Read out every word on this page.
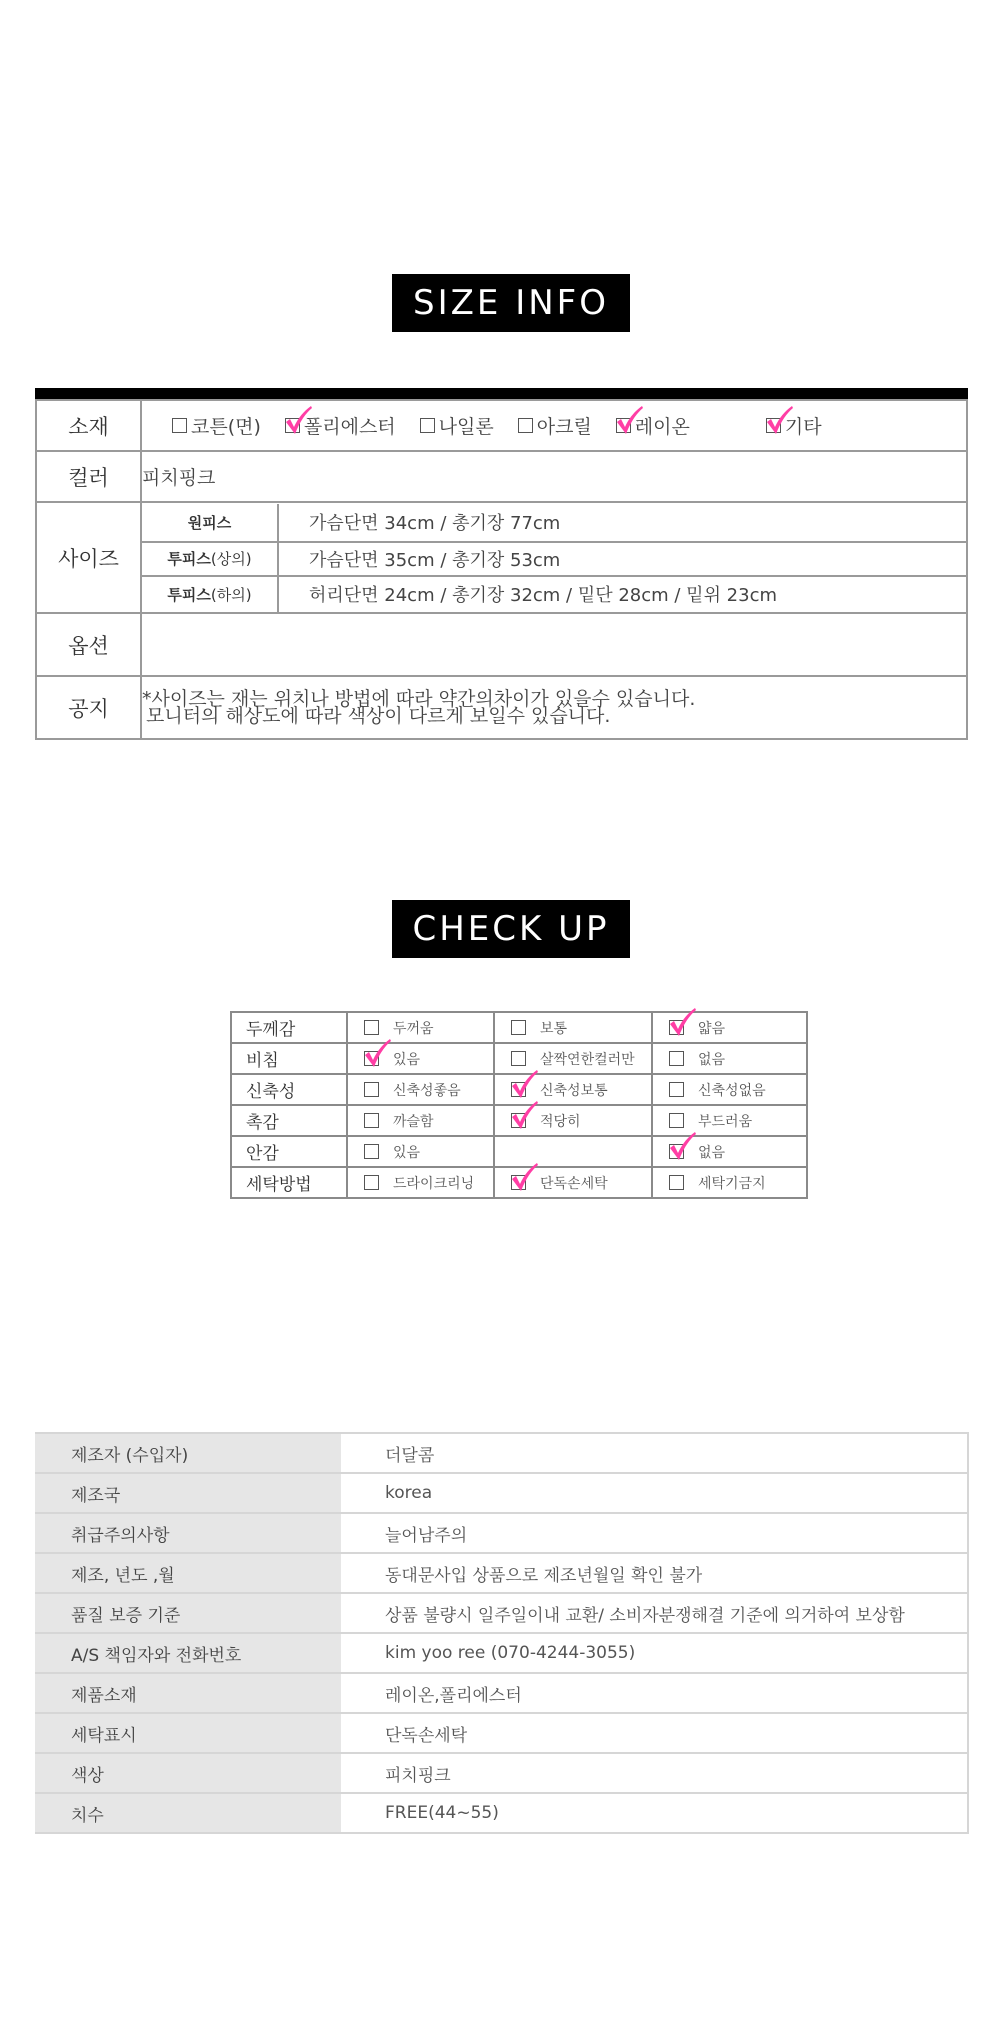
SIZE INFO
소재	코튼(면) 폴리에스터 나일론 아크릴 레이온	기타

컬러	피치핑크
사이즈	
원피스	가슴단면 34cm / 총기장 77cm
투피스(상의)	가슴단면 35cm / 총기장 53cm
투피스(하의)	허리단면 24cm / 총기장 32cm / 밑단 28cm / 밑위 23cm

옵션	
공지	*사이즈는 재는 위치나 방법에 따라 약간의차이가 있을수 있습니다.
모니터의 해상도에 따라 색상이 다르게 보일수 있습니다.
CHECK UP
두께감	두꺼움	보통	얇음

비침	있음	살짝연한컬러만	없음

신축성	신축성좋음	신축성보통	신축성없음

촉감	까슬함	적당히	부드러움

안감	있음		없음

세탁방법	드라이크리닝	단독손세탁	세탁기금지
제조자 (수입자)	더달콤
제조국	korea
취급주의사항	늘어남주의
제조, 년도 ,월	동대문사입 상품으로 제조년월일 확인 불가
품질 보증 기준	상품 불량시 일주일이내 교환/ 소비자분쟁해결 기준에 의거하여 보상함
A/S 책임자와 전화번호	kim yoo ree (070-4244-3055)
제품소재	레이온,폴리에스터
세탁표시	단독손세탁
색상	피치핑크
치수	FREE(44~55)
